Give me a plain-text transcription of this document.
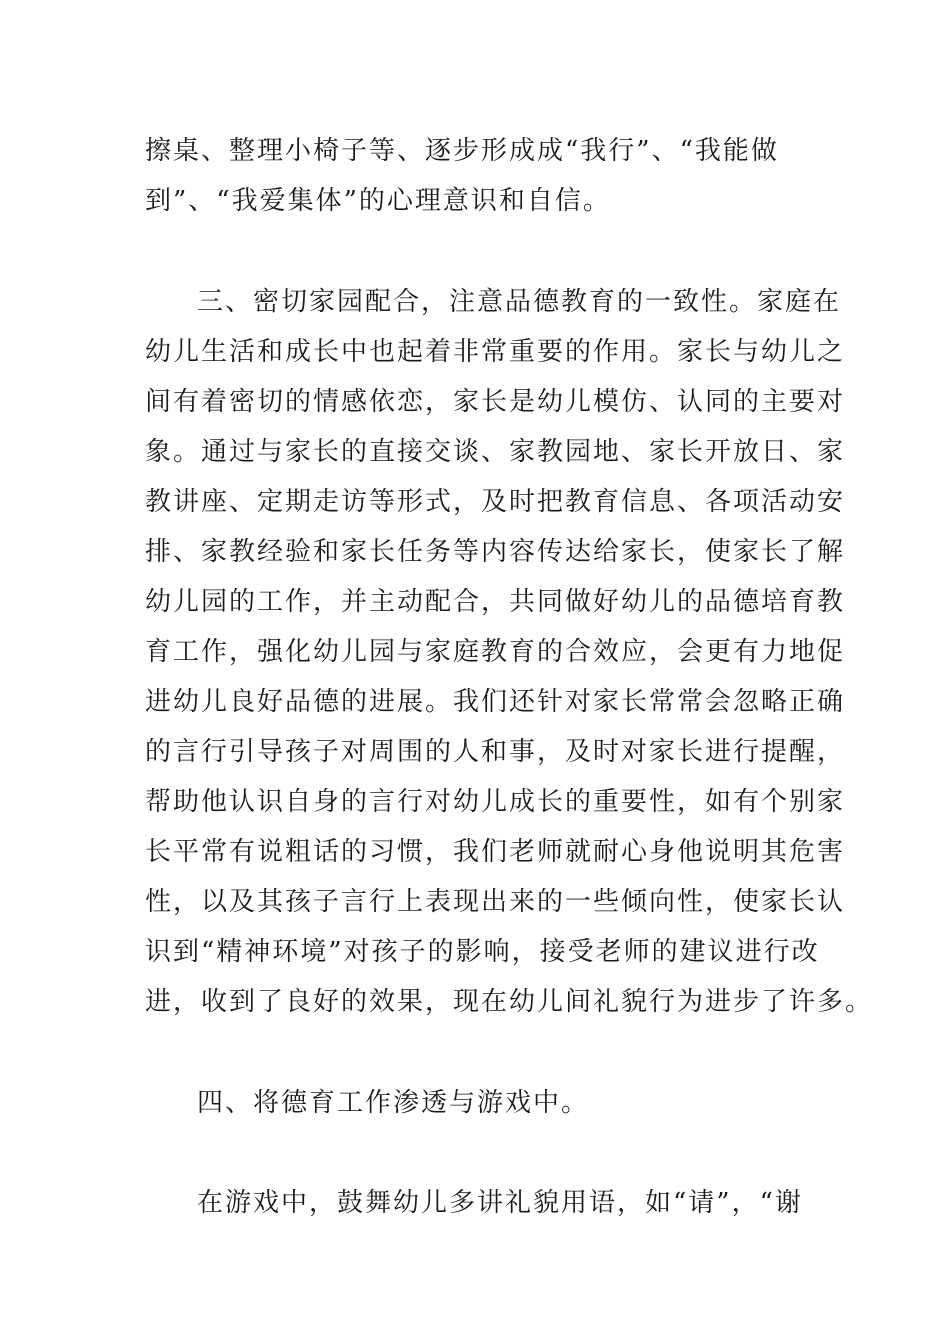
擦桌、整理小椅子等、逐步形成成“我行”、“我能做
到”、“我爱集体”的心理意识和自信。
三、密切家园配合，注意品德教育的一致性。家庭在
幼儿生活和成长中也起着非常重要的作用。家长与幼儿之
间有着密切的情感依恋，家长是幼儿模仿、认同的主要对
象。通过与家长的直接交谈、家教园地、家长开放日、家
教讲座、定期走访等形式，及时把教育信息、各项活动安
排、家教经验和家长任务等内容传达给家长，使家长了解
幼儿园的工作，并主动配合，共同做好幼儿的品德培育教
育工作，强化幼儿园与家庭教育的合效应，会更有力地促
进幼儿良好品德的进展。我们还针对家长常常会忽略正确
的言行引导孩子对周围的人和事，及时对家长进行提醒，
帮助他认识自身的言行对幼儿成长的重要性，如有个别家
长平常有说粗话的习惯，我们老师就耐心身他说明其危害
性，以及其孩子言行上表现出来的一些倾向性，使家长认
识到“精神环境”对孩子的影响，接受老师的建议进行改
进，收到了良好的效果，现在幼儿间礼貌行为进步了许多。
四、将德育工作渗透与游戏中。
在游戏中，鼓舞幼儿多讲礼貌用语，如“请”，“谢
